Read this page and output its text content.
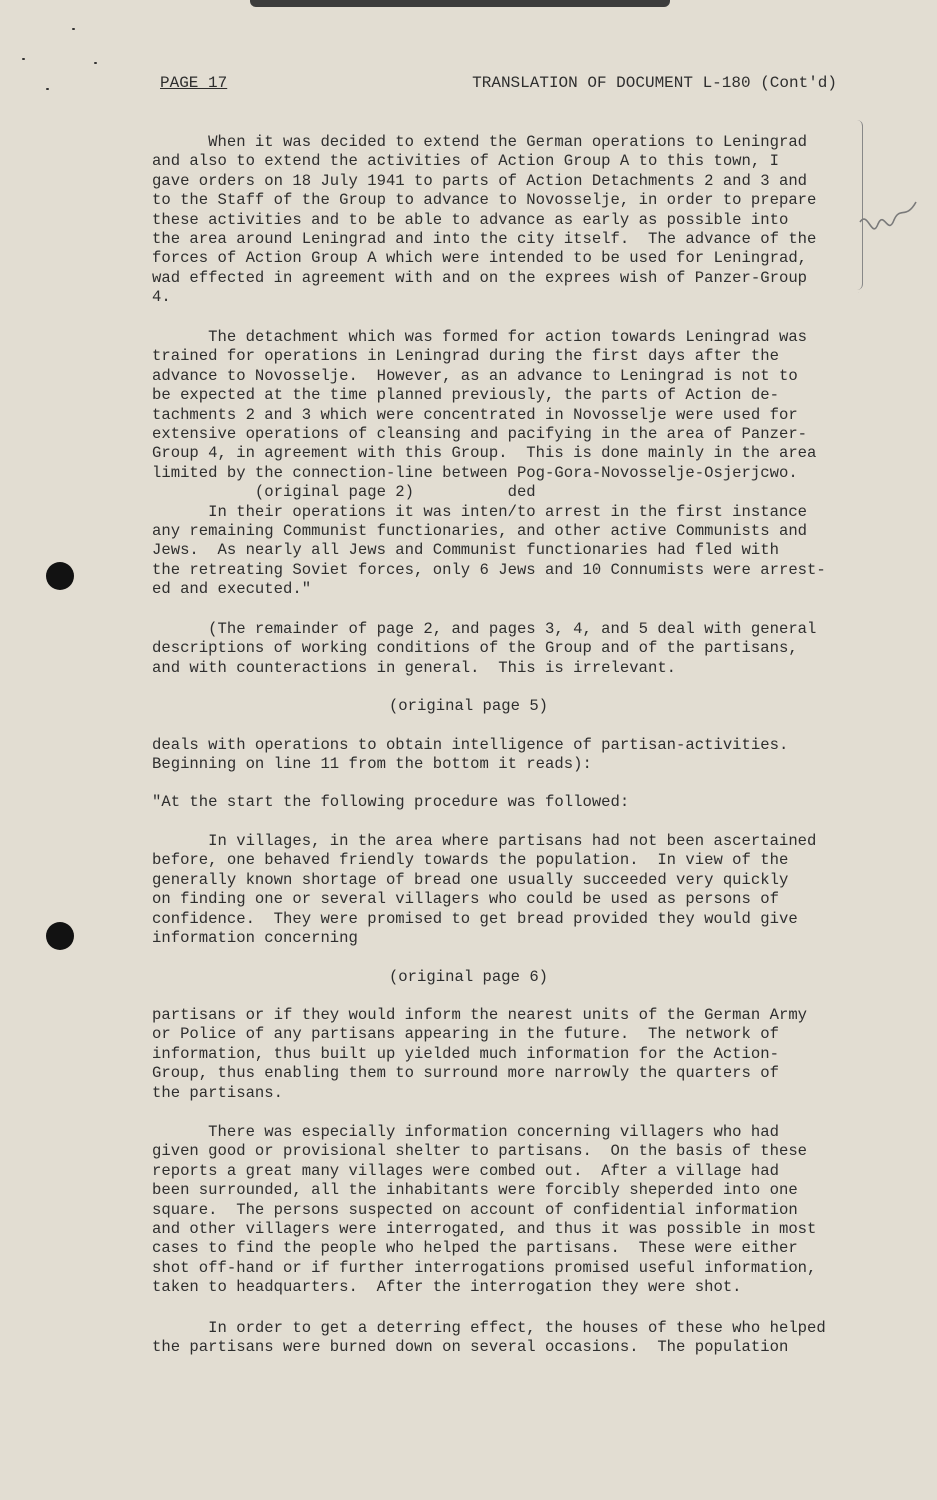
PAGE 17	TRANSLATION OF DOCUMENT L-180 (Cont'd)
When it was decided to extend the German operations to Leningrad
and also to extend the activities of Action Group A to this town, I
gave orders on 18 July 1941 to parts of Action Detachments 2 and 3 and
to the Staff of the Group to advance to Novosselje, in order to prepare
these activities and to be able to advance as early as possible into
the area around Leningrad and into the city itself.  The advance of the
forces of Action Group A which were intended to be used for Leningrad,
wad effected in agreement with and on the exprees wish of Panzer-Group
4.
The detachment which was formed for action towards Leningrad was
trained for operations in Leningrad during the first days after the
advance to Novosselje.  However, as an advance to Leningrad is not to
be expected at the time planned previously, the parts of Action de-
tachments 2 and 3 which were concentrated in Novosselje were used for
extensive operations of cleansing and pacifying in the area of Panzer-
Group 4, in agreement with this Group.  This is done mainly in the area
limited by the connection-line between Pog-Gora-Novosselje-Osjerjcwo.
(original page 2)          ded
In their operations it was inten/to arrest in the first instance
any remaining Communist functionaries, and other active Communists and
Jews.  As nearly all Jews and Communist functionaries had fled with
the retreating Soviet forces, only 6 Jews and 10 Connumists were arrest-
ed and executed."
(The remainder of page 2, and pages 3, 4, and 5 deal with general
descriptions of working conditions of the Group and of the partisans,
and with counteractions in general.  This is irrelevant.
(original page 5)
deals with operations to obtain intelligence of partisan-activities.
Beginning on line 11 from the bottom it reads):
"At the start the following procedure was followed:
In villages, in the area where partisans had not been ascertained
before, one behaved friendly towards the population.  In view of the
generally known shortage of bread one usually succeeded very quickly
on finding one or several villagers who could be used as persons of
confidence.  They were promised to get bread provided they would give
information concerning
(original page 6)
partisans or if they would inform the nearest units of the German Army
or Police of any partisans appearing in the future.  The network of
information, thus built up yielded much information for the Action-
Group, thus enabling them to surround more narrowly the quarters of
the partisans.
There was especially information concerning villagers who had
given good or provisional shelter to partisans.  On the basis of these
reports a great many villages were combed out.  After a village had
been surrounded, all the inhabitants were forcibly sheperded into one
square.  The persons suspected on account of confidential information
and other villagers were interrogated, and thus it was possible in most
cases to find the people who helped the partisans.  These were either
shot off-hand or if further interrogations promised useful information,
taken to headquarters.  After the interrogation they were shot.
In order to get a deterring effect, the houses of these who helped
the partisans were burned down on several occasions.  The population
